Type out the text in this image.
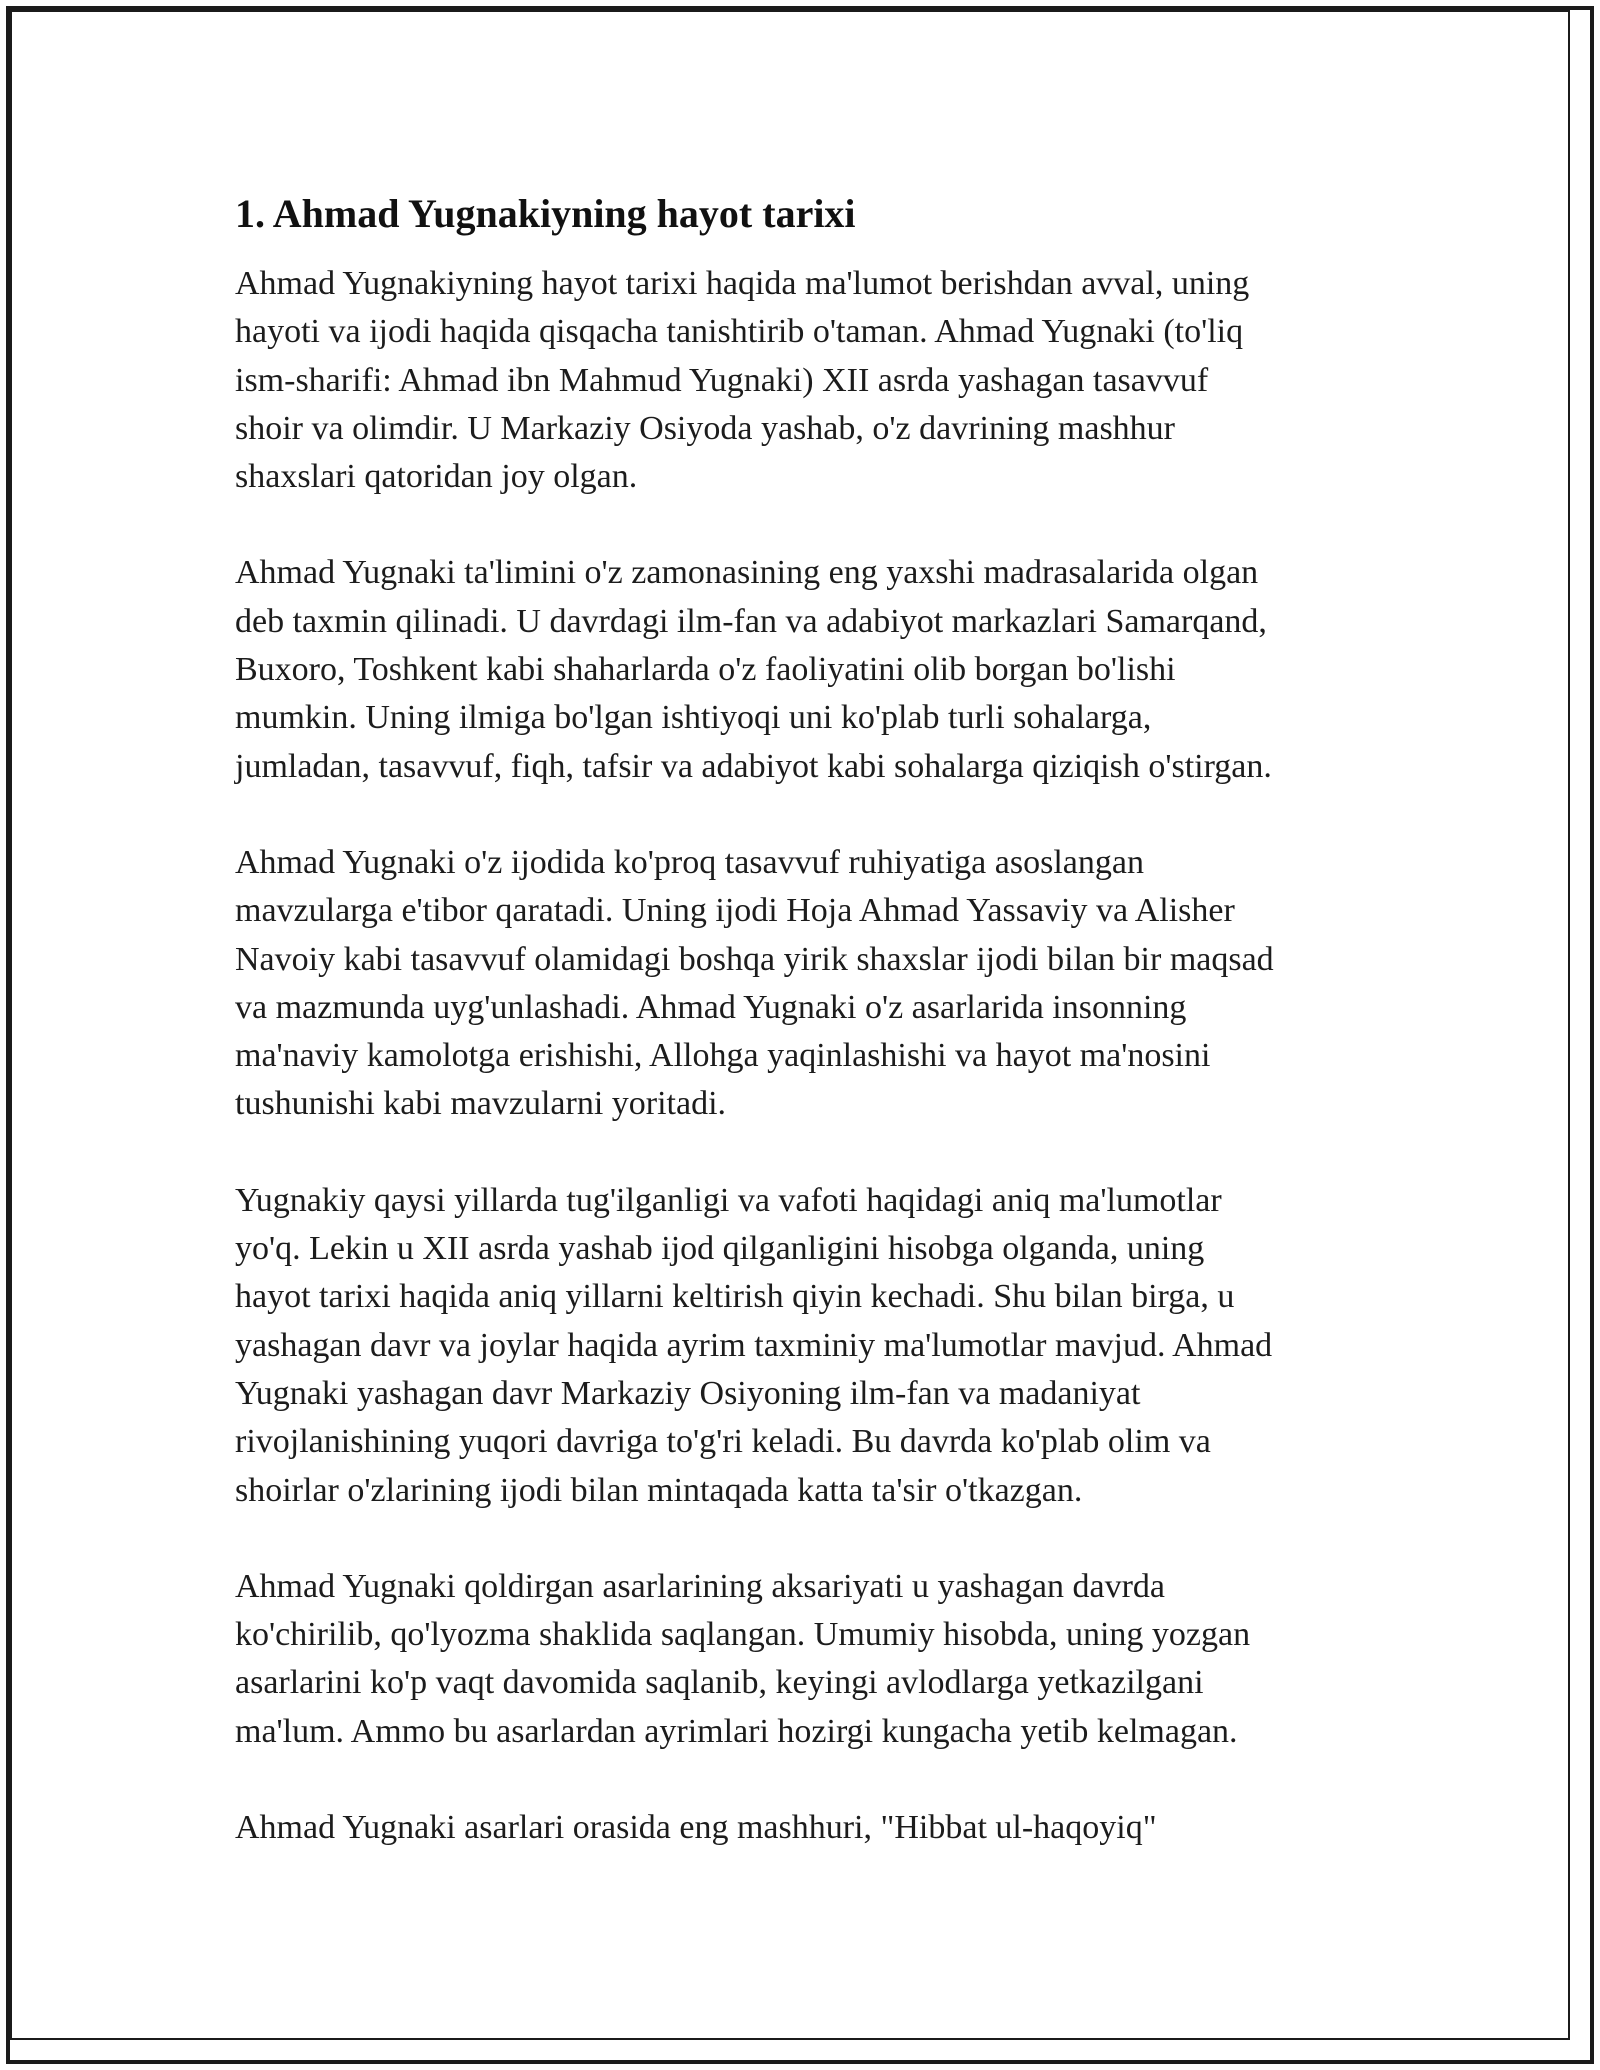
1. Ahmad Yugnakiyning hayot tarixi

Ahmad Yugnakiyning hayot tarixi haqida ma'lumot berishdan avval, uning
hayoti va ijodi haqida qisqacha tanishtirib o'taman. Ahmad Yugnaki (to'liq
ism-sharifi: Ahmad ibn Mahmud Yugnaki) XII asrda yashagan tasavvuf
shoir va olimdir. U Markaziy Osiyoda yashab, o'z davrining mashhur
shaxslari qatoridan joy olgan.

Ahmad Yugnaki ta'limini o'z zamonasining eng yaxshi madrasalarida olgan
deb taxmin qilinadi. U davrdagi ilm-fan va adabiyot markazlari Samarqand,
Buxoro, Toshkent kabi shaharlarda o'z faoliyatini olib borgan bo'lishi
mumkin. Uning ilmiga bo'lgan ishtiyoqi uni ko'plab turli sohalarga,
jumladan, tasavvuf, fiqh, tafsir va adabiyot kabi sohalarga qiziqish o'stirgan.

Ahmad Yugnaki o'z ijodida ko'proq tasavvuf ruhiyatiga asoslangan
mavzularga e'tibor qaratadi. Uning ijodi Hoja Ahmad Yassaviy va Alisher
Navoiy kabi tasavvuf olamidagi boshqa yirik shaxslar ijodi bilan bir maqsad
va mazmunda uyg'unlashadi. Ahmad Yugnaki o'z asarlarida insonning
ma'naviy kamolotga erishishi, Allohga yaqinlashishi va hayot ma'nosini
tushunishi kabi mavzularni yoritadi.

Yugnakiy qaysi yillarda tug'ilganligi va vafoti haqidagi aniq ma'lumotlar
yo'q. Lekin u XII asrda yashab ijod qilganligini hisobga olganda, uning
hayot tarixi haqida aniq yillarni keltirish qiyin kechadi. Shu bilan birga, u
yashagan davr va joylar haqida ayrim taxminiy ma'lumotlar mavjud. Ahmad
Yugnaki yashagan davr Markaziy Osiyoning ilm-fan va madaniyat
rivojlanishining yuqori davriga to'g'ri keladi. Bu davrda ko'plab olim va
shoirlar o'zlarining ijodi bilan mintaqada katta ta'sir o'tkazgan.

Ahmad Yugnaki qoldirgan asarlarining aksariyati u yashagan davrda
ko'chirilib, qo'lyozma shaklida saqlangan. Umumiy hisobda, uning yozgan
asarlarini ko'p vaqt davomida saqlanib, keyingi avlodlarga yetkazilgani
ma'lum. Ammo bu asarlardan ayrimlari hozirgi kungacha yetib kelmagan.

Ahmad Yugnaki asarlari orasida eng mashhuri, "Hibbat ul-haqoyiq"
